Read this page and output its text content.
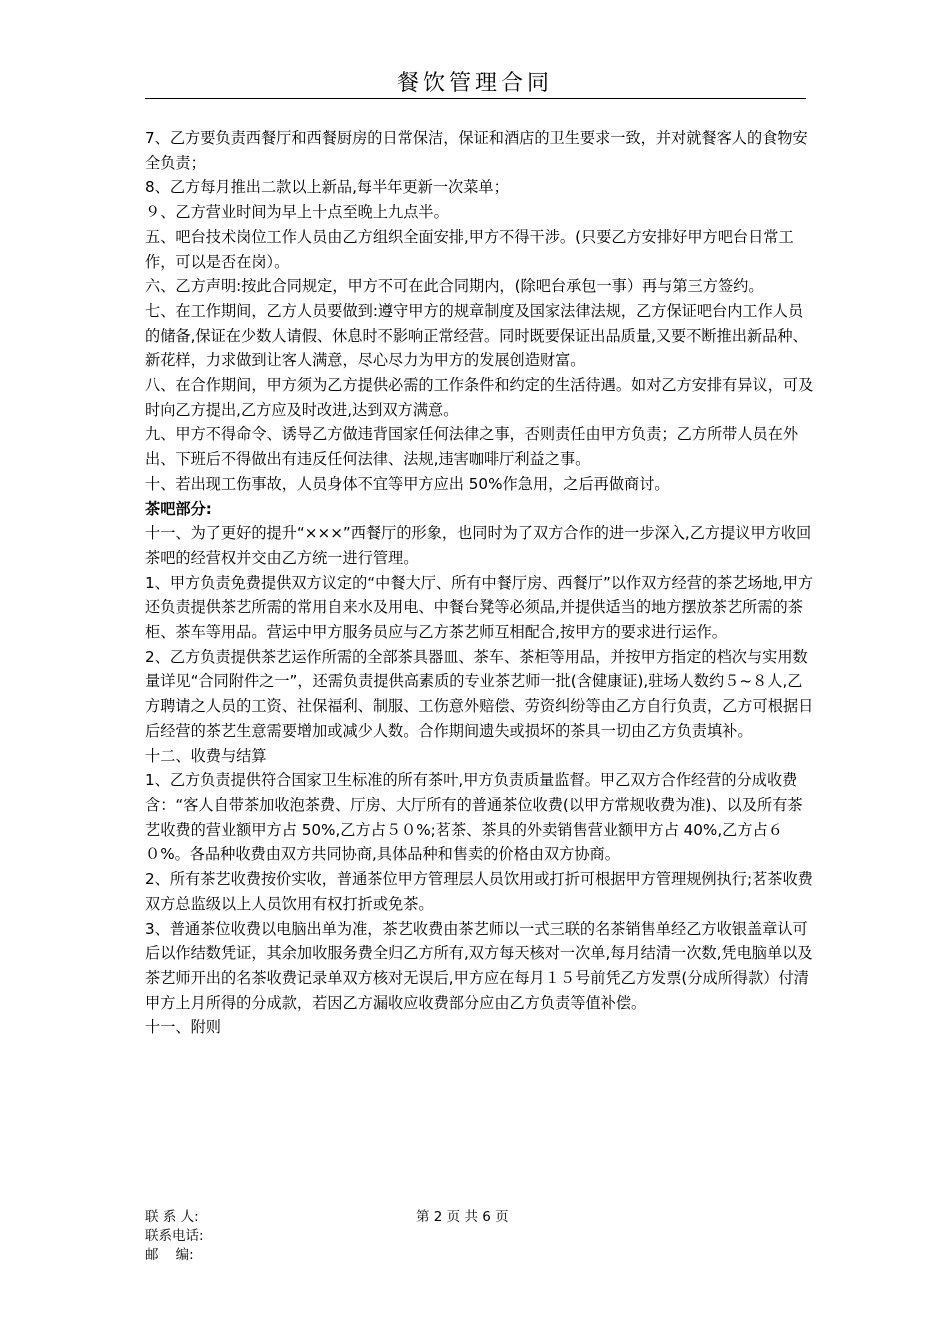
餐饮管理合同

7、乙方要负责西餐厅和西餐厨房的日常保洁，保证和酒店的卫生要求一致，并对就餐客人的食物安全负责；

8、乙方每月推出二款以上新品,每半年更新一次菜单；

９、乙方营业时间为早上十点至晚上九点半。

五、吧台技术岗位工作人员由乙方组织全面安排,甲方不得干涉。(只要乙方安排好甲方吧台日常工作，可以是否在岗）。

六、乙方声明:按此合同规定，甲方不可在此合同期内，(除吧台承包一事）再与第三方签约。

七、在工作期间，乙方人员要做到:遵守甲方的规章制度及国家法律法规，乙方保证吧台内工作人员的储备,保证在少数人请假、休息时不影响正常经营。同时既要保证出品质量,又要不断推出新品种、新花样，力求做到让客人满意，尽心尽力为甲方的发展创造财富。

八、在合作期间，甲方须为乙方提供必需的工作条件和约定的生活待遇。如对乙方安排有异议，可及时向乙方提出,乙方应及时改进,达到双方满意。

九、甲方不得命令、诱导乙方做违背国家任何法律之事，否则责任由甲方负责；乙方所带人员在外出、下班后不得做出有违反任何法律、法规,违害咖啡厅利益之事。

十、若出现工伤事故，人员身体不宜等甲方应出 50%作急用，之后再做商讨。

茶吧部分:

十一、为了更好的提升“×××”西餐厅的形象，也同时为了双方合作的进一步深入,乙方提议甲方收回茶吧的经营权并交由乙方统一进行管理。

1、甲方负责免费提供双方议定的“中餐大厅、所有中餐厅房、西餐厅”以作双方经营的茶艺场地,甲方还负责提供茶艺所需的常用自来水及用电、中餐台凳等必须品,并提供适当的地方摆放茶艺所需的茶柜、茶车等用品。营运中甲方服务员应与乙方茶艺师互相配合,按甲方的要求进行运作。

2、乙方负责提供茶艺运作所需的全部茶具器皿、茶车、茶柜等用品，并按甲方指定的档次与实用数量详见“合同附件之一”，还需负责提供高素质的专业茶艺师一批(含健康证),驻场人数约５~８人,乙方聘请之人员的工资、社保福利、制服、工伤意外赔偿、劳资纠纷等由乙方自行负责，乙方可根据日后经营的茶艺生意需要增加或减少人数。合作期间遗失或损坏的茶具一切由乙方负责填补。

十二、收费与结算

1、乙方负责提供符合国家卫生标准的所有茶叶,甲方负责质量监督。甲乙双方合作经营的分成收费含：“客人自带茶加收泡茶费、厅房、大厅所有的普通茶位收费(以甲方常规收费为准)、以及所有茶艺收费的营业额甲方占 50%,乙方占５０%;茗茶、茶具的外卖销售营业额甲方占 40%,乙方占６０%。各品种收费由双方共同协商,具体品种和售卖的价格由双方协商。

2、所有茶艺收费按价实收，普通茶位甲方管理层人员饮用或打折可根据甲方管理规例执行;茗茶收费双方总监级以上人员饮用有权打折或免茶。

3、普通茶位收费以电脑出单为准，茶艺收费由茶艺师以一式三联的名茶销售单经乙方收银盖章认可后以作结数凭证，其余加收服务费全归乙方所有,双方每天核对一次单,每月结清一次数,凭电脑单以及茶艺师开出的名茶收费记录单双方核对无误后,甲方应在每月１５号前凭乙方发票(分成所得款）付清甲方上月所得的分成款，若因乙方漏收应收费部分应由乙方负责等值补偿。

十一、附则

联 系 人:
联系电话:
邮    编:
第 2 页 共 6 页
